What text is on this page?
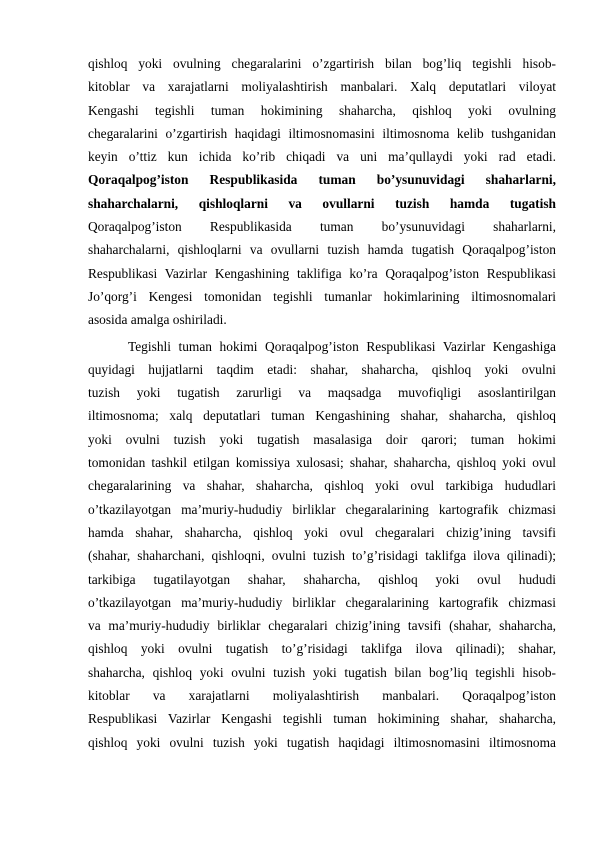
qishloq yoki ovulning chegaralarini o’zgartirish bilan bog’liq tegishli hisob-
kitoblar va xarajatlarni moliyalashtirish manbalari. Xalq deputatlari viloyat
Kengashi tegishli tuman hokimining shaharcha, qishloq yoki ovulning
chegaralarini o’zgartirish haqidagi iltimosnomasini iltimosnoma kelib tushganidan
keyin o’ttiz kun ichida ko’rib chiqadi va uni ma’qullaydi yoki rad etadi.
Qoraqalpog’iston Respublikasida tuman bo’ysunuvidagi shaharlarni,
shaharchalarni, qishloqlarni va ovullarni tuzish hamda tugatish
Qoraqalpog’iston Respublikasida tuman bo’ysunuvidagi shaharlarni,
shaharchalarni, qishloqlarni va ovullarni tuzish hamda tugatish Qoraqalpog’iston
Respublikasi Vazirlar Kengashining taklifiga ko’ra Qoraqalpog’iston Respublikasi
Jo’qorg’i Kengesi tomonidan tegishli tumanlar hokimlarining iltimosnomalari
asosida amalga oshiriladi.
Tegishli tuman hokimi Qoraqalpog’iston Respublikasi Vazirlar Kengashiga
quyidagi hujjatlarni taqdim etadi: shahar, shaharcha, qishloq yoki ovulni
tuzish yoki tugatish zarurligi va maqsadga muvofiqligi asoslantirilgan
iltimosnoma; xalq deputatlari tuman Kengashining shahar, shaharcha, qishloq
yoki ovulni tuzish yoki tugatish masalasiga doir qarori; tuman hokimi
tomonidan tashkil etilgan komissiya xulosasi; shahar, shaharcha, qishloq yoki ovul
chegaralarining va shahar, shaharcha, qishloq yoki ovul tarkibiga hududlari
o’tkazilayotgan ma’muriy-hududiy birliklar chegaralarining kartografik chizmasi
hamda shahar, shaharcha, qishloq yoki ovul chegaralari chizig’ining tavsifi
(shahar, shaharchani, qishloqni, ovulni tuzish to’g’risidagi taklifga ilova qilinadi);
tarkibiga tugatilayotgan shahar, shaharcha, qishloq yoki ovul hududi
o’tkazilayotgan ma’muriy-hududiy birliklar chegaralarining kartografik chizmasi
va ma’muriy-hududiy birliklar chegaralari chizig’ining tavsifi (shahar, shaharcha,
qishloq yoki ovulni tugatish to’g’risidagi taklifga ilova qilinadi); shahar,
shaharcha, qishloq yoki ovulni tuzish yoki tugatish bilan bog’liq tegishli hisob-
kitoblar va xarajatlarni moliyalashtirish manbalari. Qoraqalpog’iston
Respublikasi Vazirlar Kengashi tegishli tuman hokimining shahar, shaharcha,
qishloq yoki ovulni tuzish yoki tugatish haqidagi iltimosnomasini iltimosnoma
